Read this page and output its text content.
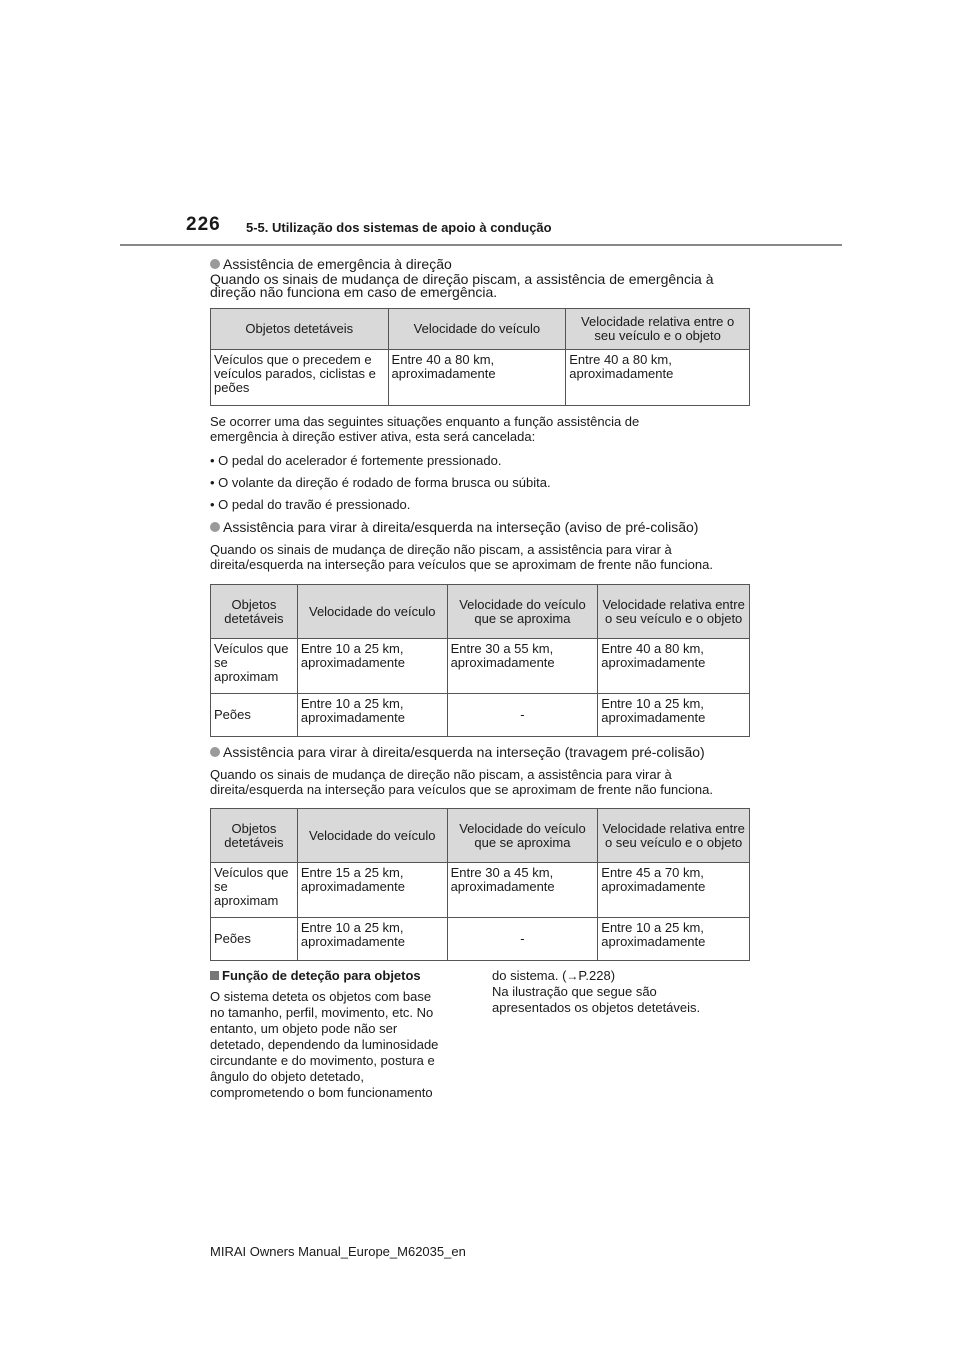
226 5-5. Utilização dos sistemas de apoio à condução
Assistência de emergência à direção
Quando os sinais de mudança de direção piscam, a assistência de emergência à
direção não funciona em caso de emergência.
Objetos detetáveis	Velocidade do veículo	Velocidade relativa entre o seu veículo e o objeto
Veículos que o precedem e veículos parados, ciclistas e peões	Entre 40 a 80 km, aproximadamente	Entre 40 a 80 km, aproximadamente
Se ocorrer uma das seguintes situações enquanto a função assistência de
emergência à direção estiver ativa, esta será cancelada:
• O pedal do acelerador é fortemente pressionado.
• O volante da direção é rodado de forma brusca ou súbita.
• O pedal do travão é pressionado.
Assistência para virar à direita/esquerda na interseção (aviso de pré-colisão)
Quando os sinais de mudança de direção não piscam, a assistência para virar à
direita/esquerda na interseção para veículos que se aproximam de frente não funciona.
Objetos detetáveis	Velocidade do veículo	Velocidade do veículo que se aproxima	Velocidade relativa entre o seu veículo e o objeto
Veículos que se aproximam	Entre 10 a 25 km, aproximadamente	Entre 30 a 55 km, aproximadamente	Entre 40 a 80 km, aproximadamente
Peões	Entre 10 a 25 km, aproximadamente	-	Entre 10 a 25 km, aproximadamente
Assistência para virar à direita/esquerda na interseção (travagem pré-colisão)
Quando os sinais de mudança de direção não piscam, a assistência para virar à
direita/esquerda na interseção para veículos que se aproximam de frente não funciona.
Objetos detetáveis	Velocidade do veículo	Velocidade do veículo que se aproxima	Velocidade relativa entre o seu veículo e o objeto
Veículos que se aproximam	Entre 15 a 25 km, aproximadamente	Entre 30 a 45 km, aproximadamente	Entre 45 a 70 km, aproximadamente
Peões	Entre 10 a 25 km, aproximadamente	-	Entre 10 a 25 km, aproximadamente
Função de deteção para objetos
O sistema deteta os objetos com base
no tamanho, perfil, movimento, etc. No
entanto, um objeto pode não ser
detetado, dependendo da luminosidade
circundante e do movimento, postura e
ângulo do objeto detetado,
comprometendo o bom funcionamento
do sistema. (→P.228)
Na ilustração que segue são
apresentados os objetos detetáveis.
MIRAI Owners Manual_Europe_M62035_en
